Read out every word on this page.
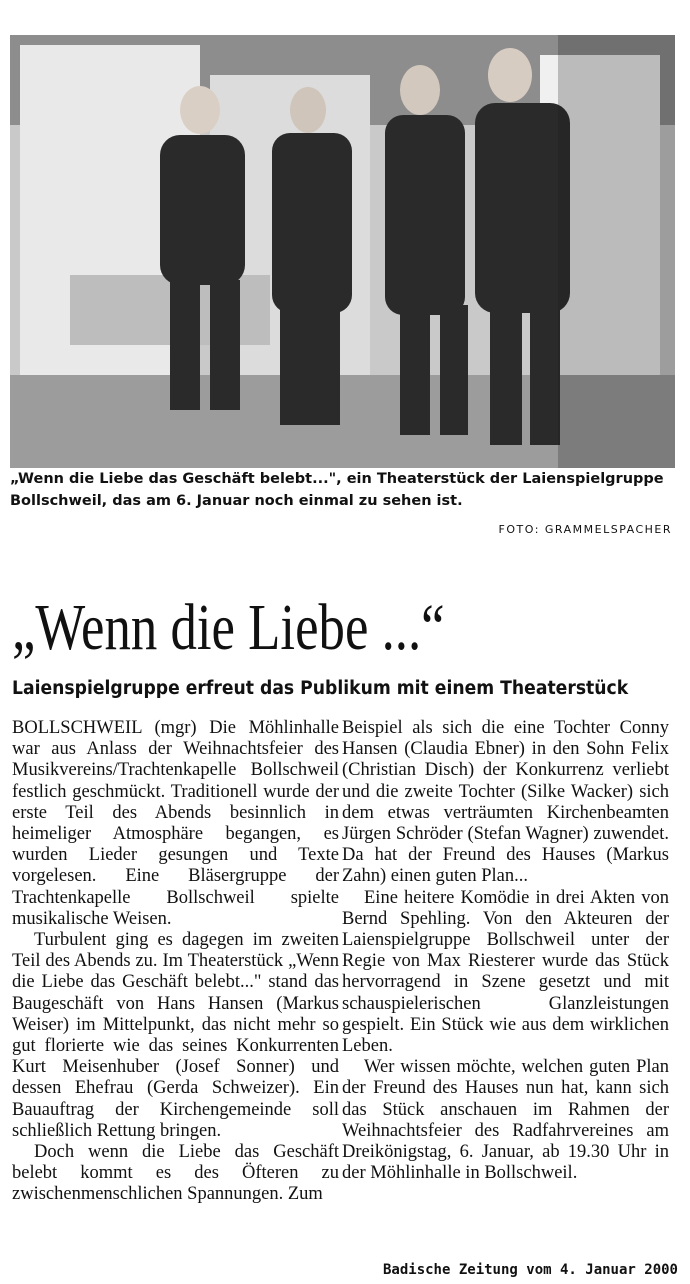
„Wenn die Liebe das Geschäft belebt...", ein Theaterstück der Laienspielgruppe Bollschweil, das am 6. Januar noch einmal zu sehen ist.
FOTO: GRAMMELSPACHER
„Wenn die Liebe ...“
Laienspielgruppe erfreut das Publikum mit einem Theaterstück

BOLLSCHWEIL (mgr) Die Möhlinhalle war aus Anlass der Weihnachtsfeier des Musikvereins/Trachtenkapelle Bollschweil festlich geschmückt. Traditionell wurde der erste Teil des Abends besinnlich in heimeliger Atmosphäre begangen, es wurden Lieder gesungen und Texte vorgelesen. Eine Bläsergruppe der Trachtenkapelle Bollschweil spielte musikalische Weisen.

Turbulent ging es dagegen im zweiten Teil des Abends zu. Im Theaterstück „Wenn die Liebe das Geschäft belebt..." stand das Baugeschäft von Hans Hansen (Markus Weiser) im Mittelpunkt, das nicht mehr so gut florierte wie das seines Konkurrenten Kurt Meisenhuber (Josef Sonner) und dessen Ehefrau (Gerda Schweizer). Ein Bauauftrag der Kirchengemeinde soll schließlich Rettung bringen.

Doch wenn die Liebe das Geschäft belebt kommt es des Öfteren zu zwischenmenschlichen Spannungen. Zum

Beispiel als sich die eine Tochter Conny Hansen (Claudia Ebner) in den Sohn Felix (Christian Disch) der Konkurrenz verliebt und die zweite Tochter (Silke Wacker) sich dem etwas verträumten Kirchenbeamten Jürgen Schröder (Stefan Wagner) zuwendet. Da hat der Freund des Hauses (Markus Zahn) einen guten Plan...

Eine heitere Komödie in drei Akten von Bernd Spehling. Von den Akteuren der Laienspielgruppe Bollschweil unter der Regie von Max Riesterer wurde das Stück hervorragend in Szene gesetzt und mit schauspielerischen Glanzleistungen gespielt. Ein Stück wie aus dem wirklichen Leben.

Wer wissen möchte, welchen guten Plan der Freund des Hauses nun hat, kann sich das Stück anschauen im Rahmen der Weihnachtsfeier des Radfahrvereines am Dreikönigstag, 6. Januar, ab 19.30 Uhr in der Möhlinhalle in Bollschweil.

Badische Zeitung vom 4. Januar 2000
